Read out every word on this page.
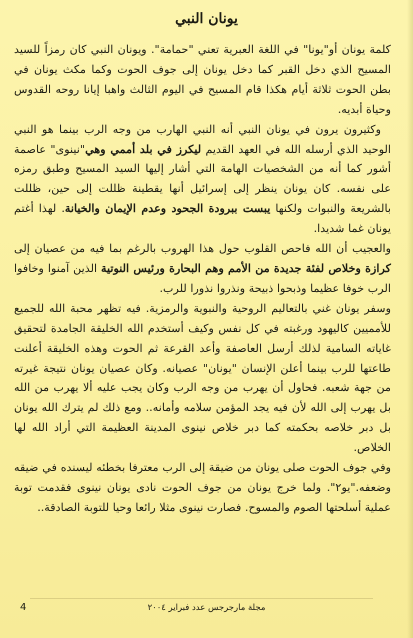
يونان النبي

كلمة يونان أو"يونا" في اللغة العبرية تعني "حمامة". ويونان النبي كان رمزاً للسيد المسيح الذي دخل القبر كما دخل يونان إلى جوف الحوت وكما مكث يونان في بطن الحوت ثلاثة أيام هكذا قام المسيح في اليوم الثالث واهبا إيانا روحه القدوس وحياة أبديه.

وكثيرون يرون في يونان النبي أنه النبي الهارب من وجه الرب بينما هو النبي الوحيد الذي أرسله الله في العهد القديم ليكرز في بلد أممي وهي"نينوى" عاصمة أشور كما أنه من الشخصيات الهامة التي أشار إليها السيد المسيح وطبق رمزه على نفسه. كان يونان ينظر إلى إسرائيل أنها يقطينة ظللت إلى حين، ظللت بالشريعة والنبوات ولكنها يبست ببرودة الجحود وعدم الإيمان والخيانة. لهذا أغتم يونان غما شديدا.

والعجيب أن الله فاحص القلوب حول هذا الهروب بالرغم بما فيه من عصيان إلى كرازة وخلاص لفئة جديدة من الأمم وهم البحارة ورئيس النوتية الذين آمنوا وخافوا الرب خوفا عظيما وذبحوا ذبيحة ونذروا نذورا للرب.

وسفر يونان غني بالتعاليم الروحية والنبوية والرمزية. فيه تظهر محبة الله للجميع للأمميين كاليهود ورغبته في كل نفس وكيف أستخدم الله الخليقة الجامدة لتحقيق غاياته السامية لذلك أرسل العاصفة وأعد القرعة ثم الحوت وهذه الخليقة أعلنت طاعتها للرب بينما أعلن الإنسان "يونان" عصيانه. وكان عصيان يونان نتيجة غيرته من جهة شعبه. فحاول أن يهرب من وجه الرب وكان يجب عليه ألا يهرب من الله بل يهرب إلى الله لأن فيه يجد المؤمن سلامه وأمانه.. ومع ذلك لم يترك الله يونان بل دبر خلاصه بحكمته كما دبر خلاص نينوى المدينة العظيمة التي أراد الله لها الخلاص.

وفي جوف الحوت صلى يونان من ضيقة إلى الرب معترفا بخطئه ليسنده في ضيقه وضعفه."يو٢". ولما خرج يونان من جوف الحوت نادى يونان نينوى فقدمت توبة عملية أسلحتها الصوم والمسوح. فصارت نينوى مثلا رائعا وحيا للتوبة الصادقة..

4	مجلة مارجرجس عدد فبراير ٢٠٠٤
